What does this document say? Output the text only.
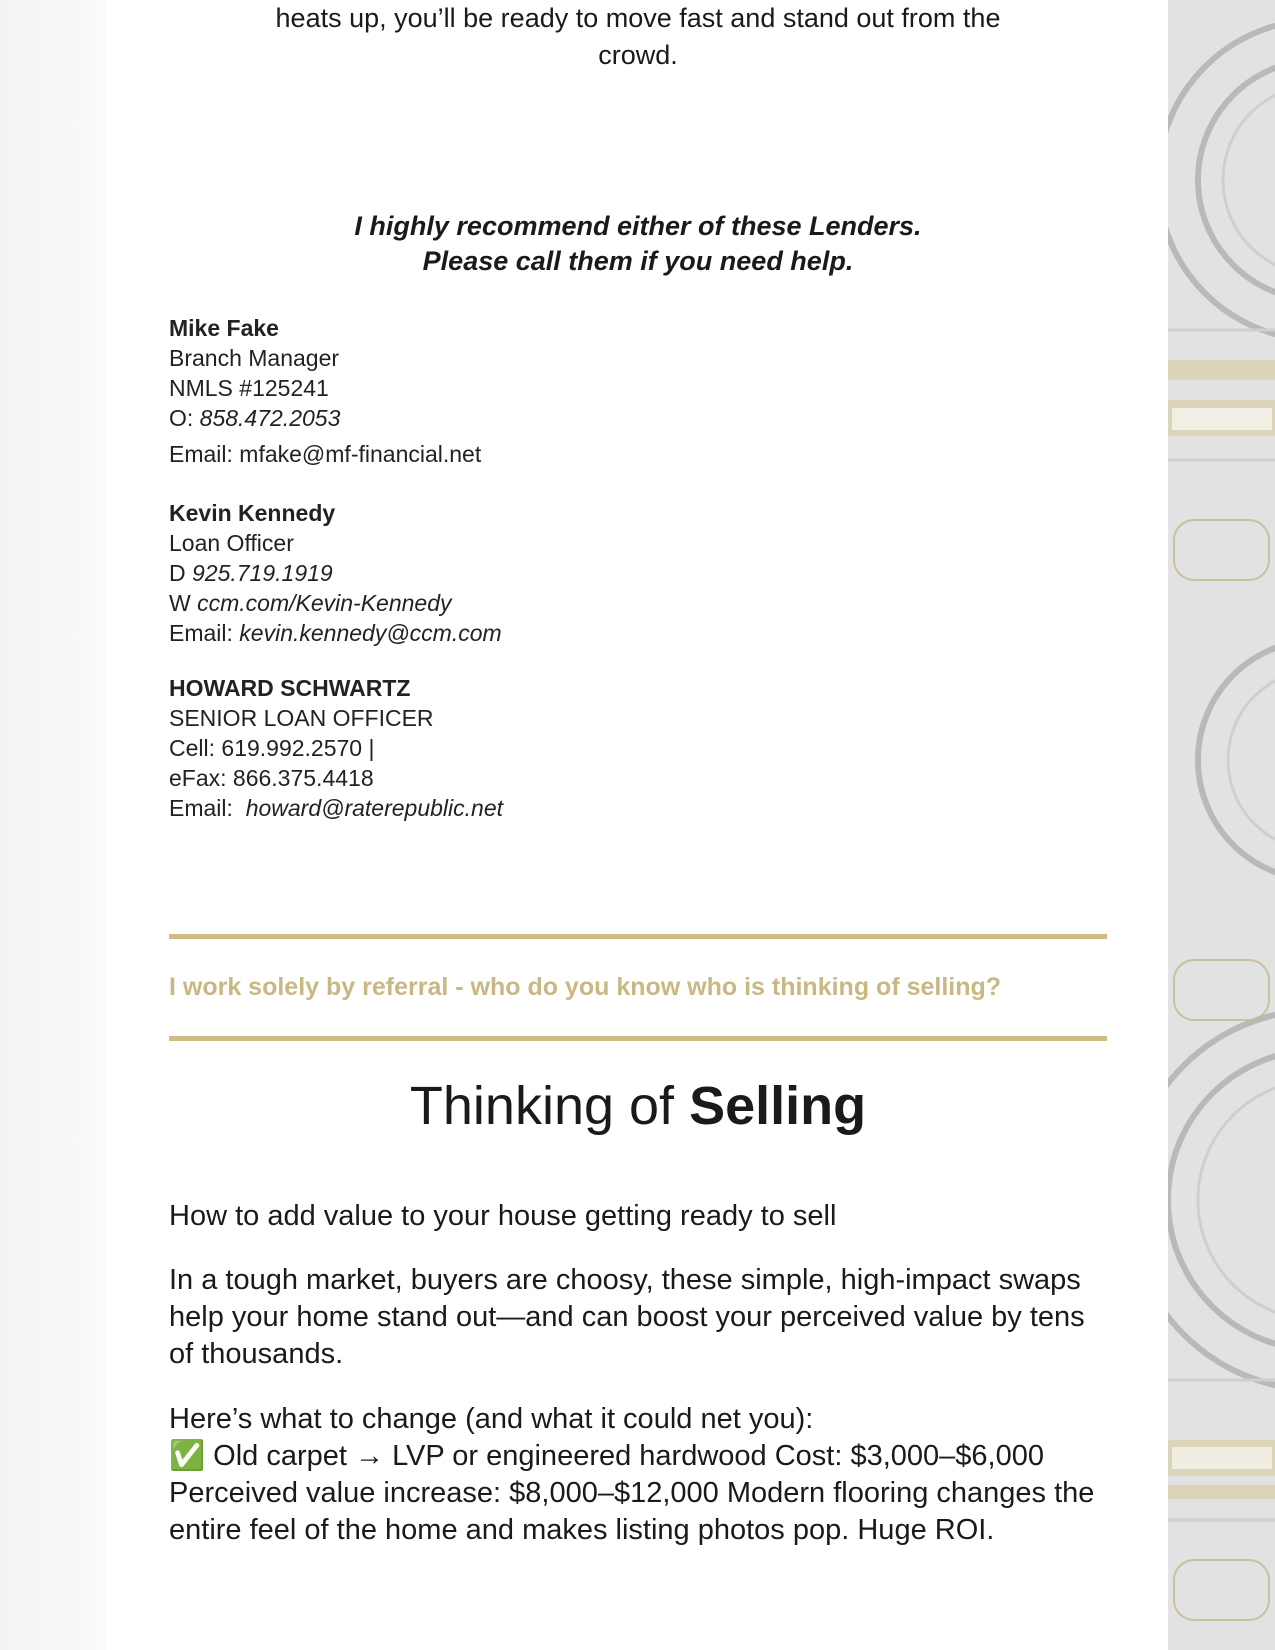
heats up, you’ll be ready to move fast and stand out from the
crowd.
I highly recommend either of these Lenders.
Please call them if you need help.
Mike Fake
Branch Manager
NMLS #125241
O: 858.472.2053
Email: mfake@mf-financial.net
Kevin Kennedy
Loan Officer
D 925.719.1919
W ccm.com/Kevin-Kennedy
Email: kevin.kennedy@ccm.com
HOWARD SCHWARTZ
SENIOR LOAN OFFICER
Cell: 619.992.2570 |
eFax: 866.375.4418
Email:  howard@raterepublic.net
I work solely by referral - who do you know who is thinking of selling?
Thinking of Selling
How to add value to your house getting ready to sell
In a tough market, buyers are choosy, these simple, high-impact swaps help your home stand out—and can boost your perceived value by tens of thousands.
Here’s what to change (and what it could net you):
✅ Old carpet → LVP or engineered hardwood Cost: $3,000–$6,000 Perceived value increase: $8,000–$12,000 Modern flooring changes the entire feel of the home and makes listing photos pop. Huge ROI.
